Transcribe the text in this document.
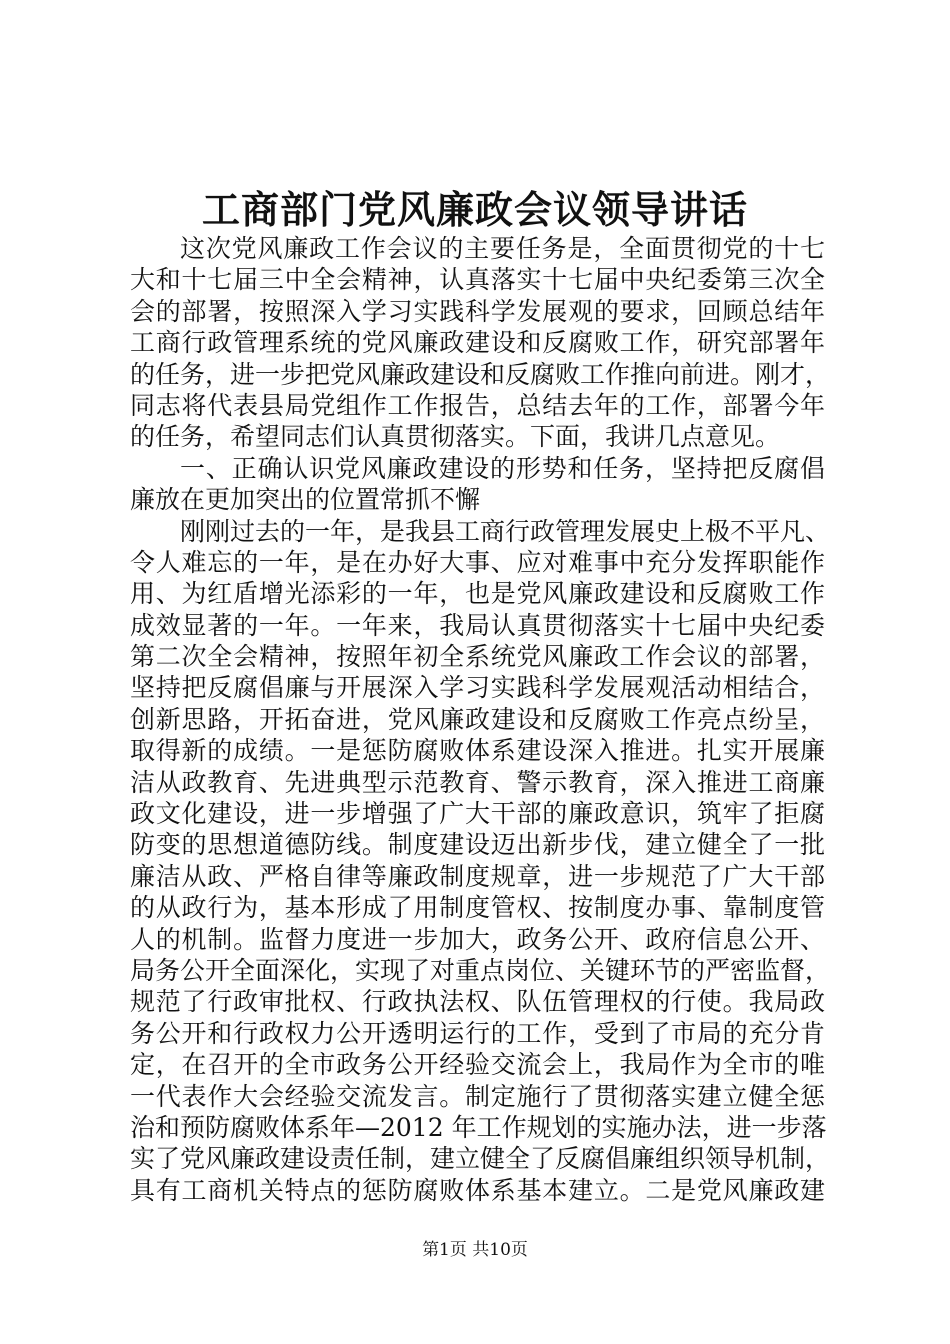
工商部门党风廉政会议领导讲话
这次党风廉政工作会议的主要任务是，全面贯彻党的十七
大和十七届三中全会精神，认真落实十七届中央纪委第三次全
会的部署，按照深入学习实践科学发展观的要求，回顾总结年
工商行政管理系统的党风廉政建设和反腐败工作，研究部署年
的任务，进一步把党风廉政建设和反腐败工作推向前进。刚才，
同志将代表县局党组作工作报告，总结去年的工作，部署今年
的任务，希望同志们认真贯彻落实。下面，我讲几点意见。
一、正确认识党风廉政建设的形势和任务，坚持把反腐倡
廉放在更加突出的位置常抓不懈
刚刚过去的一年，是我县工商行政管理发展史上极不平凡、
令人难忘的一年，是在办好大事、应对难事中充分发挥职能作
用、为红盾增光添彩的一年，也是党风廉政建设和反腐败工作
成效显著的一年。一年来，我局认真贯彻落实十七届中央纪委
第二次全会精神，按照年初全系统党风廉政工作会议的部署，
坚持把反腐倡廉与开展深入学习实践科学发展观活动相结合，
创新思路，开拓奋进，党风廉政建设和反腐败工作亮点纷呈，
取得新的成绩。一是惩防腐败体系建设深入推进。扎实开展廉
洁从政教育、先进典型示范教育、警示教育，深入推进工商廉
政文化建设，进一步增强了广大干部的廉政意识，筑牢了拒腐
防变的思想道德防线。制度建设迈出新步伐，建立健全了一批
廉洁从政、严格自律等廉政制度规章，进一步规范了广大干部
的从政行为，基本形成了用制度管权、按制度办事、靠制度管
人的机制。监督力度进一步加大，政务公开、政府信息公开、
局务公开全面深化，实现了对重点岗位、关键环节的严密监督，
规范了行政审批权、行政执法权、队伍管理权的行使。我局政
务公开和行政权力公开透明运行的工作，受到了市局的充分肯
定，在召开的全市政务公开经验交流会上，我局作为全市的唯
一代表作大会经验交流发言。制定施行了贯彻落实建立健全惩
治和预防腐败体系年—2012 年工作规划的实施办法，进一步落
实了党风廉政建设责任制，建立健全了反腐倡廉组织领导机制，
具有工商机关特点的惩防腐败体系基本建立。二是党风廉政建
第1页 共10页
